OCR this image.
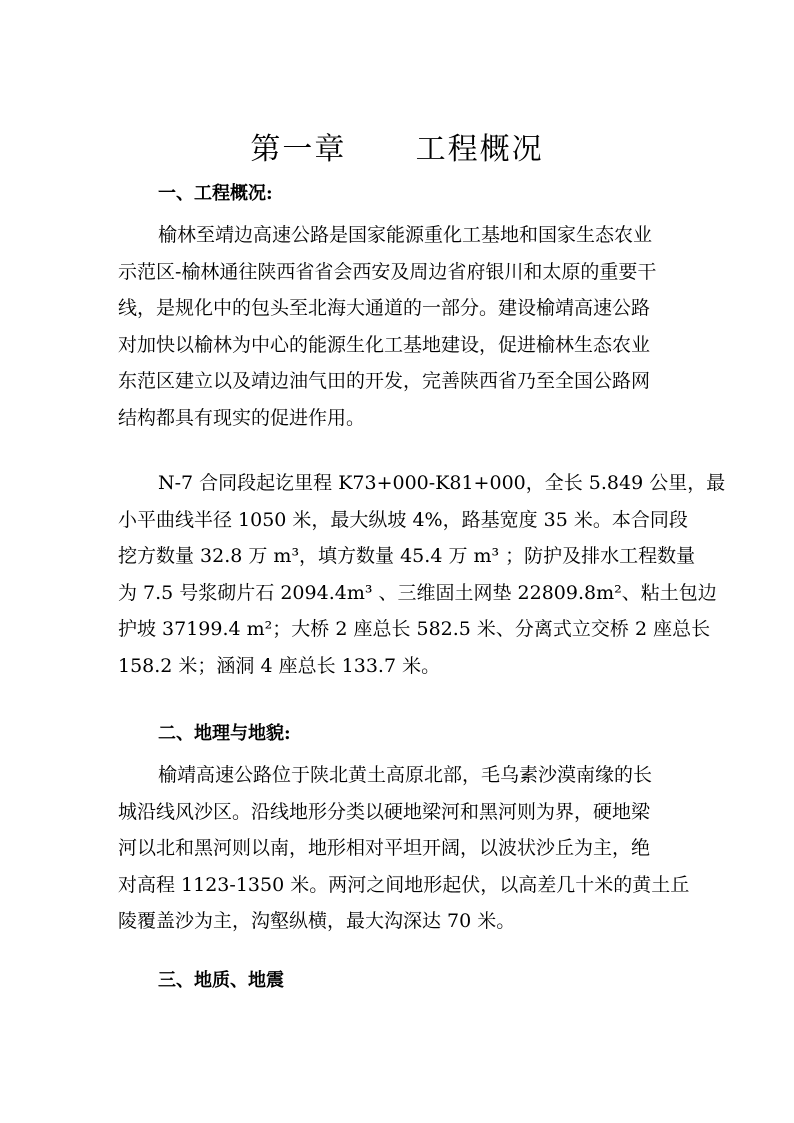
第一章      工程概况
一、工程概况:
榆林至靖边高速公路是国家能源重化工基地和国家生态农业
示范区-榆林通往陕西省省会西安及周边省府银川和太原的重要干
线，是规化中的包头至北海大通道的一部分。建设榆靖高速公路
对加快以榆林为中心的能源生化工基地建设，促进榆林生态农业
东范区建立以及靖边油气田的开发，完善陕西省乃至全国公路网
结构都具有现实的促进作用。
N-7 合同段起讫里程 K73+000-K81+000，全长 5.849 公里，最
小平曲线半径 1050 米，最大纵坡 4%，路基宽度 35 米。本合同段
挖方数量 32.8 万 m³，填方数量 45.4 万 m³ ；防护及排水工程数量
为 7.5 号浆砌片石 2094.4m³ 、三维固土网垫 22809.8m²、粘土包边
护坡 37199.4 m²；大桥 2 座总长 582.5 米、分离式立交桥 2 座总长
158.2 米；涵洞 4 座总长 133.7 米。
二、地理与地貌:
榆靖高速公路位于陕北黄土高原北部，毛乌素沙漠南缘的长
城沿线风沙区。沿线地形分类以硬地梁河和黑河则为界，硬地梁
河以北和黑河则以南，地形相对平坦开阔，以波状沙丘为主，绝
对高程 1123-1350 米。两河之间地形起伏，以高差几十米的黄土丘
陵覆盖沙为主，沟壑纵横，最大沟深达 70 米。
三、地质、地震
